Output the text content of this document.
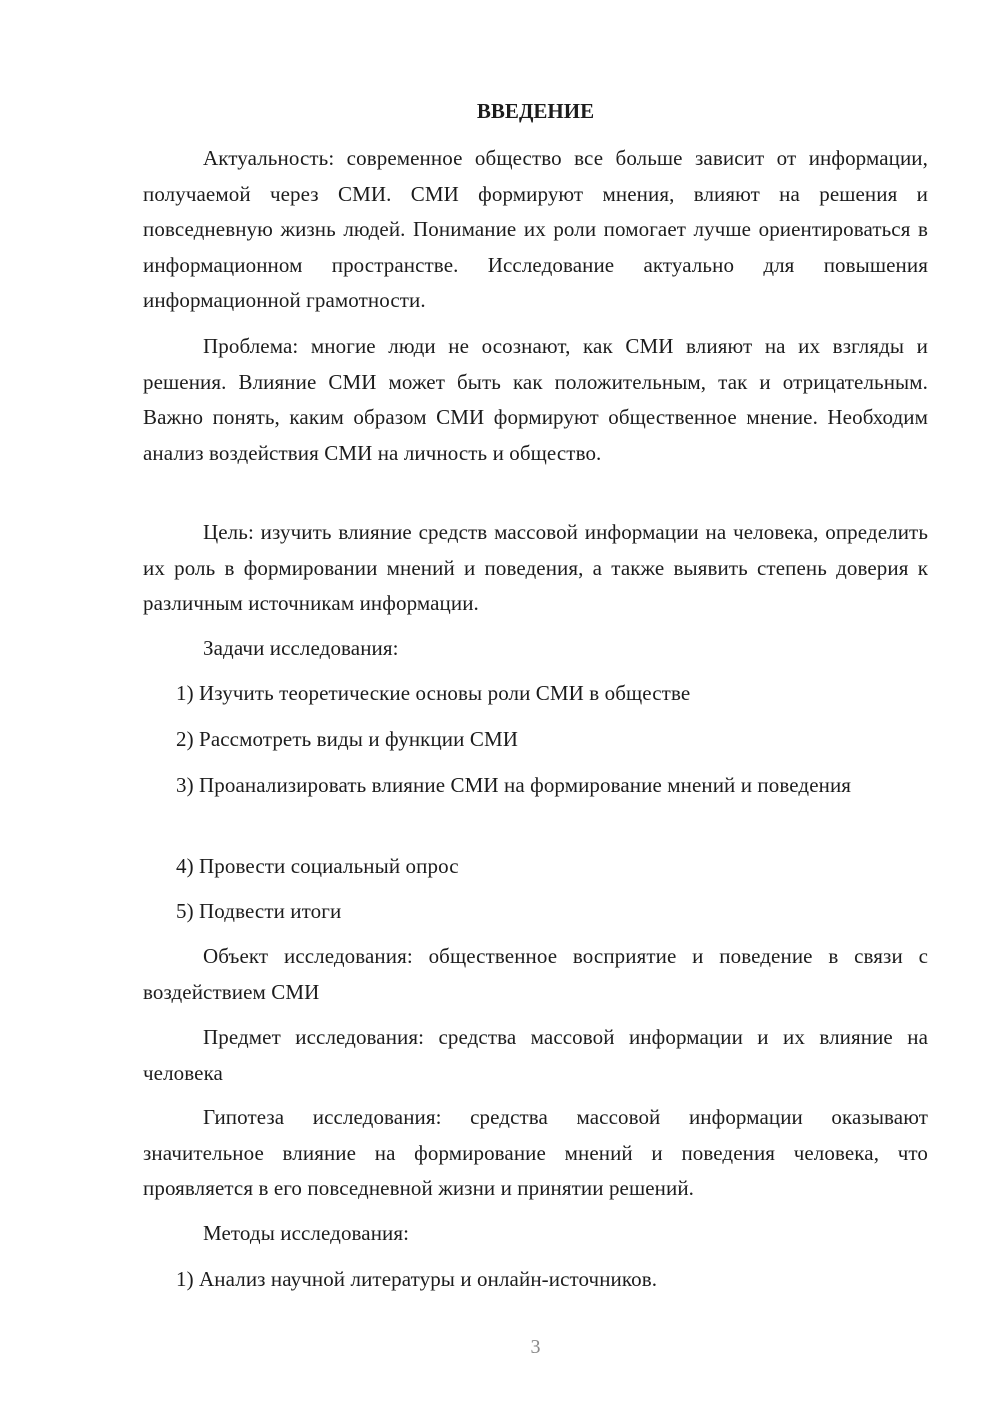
ВВЕДЕНИЕ

Актуальность: современное общество все больше зависит от информации, получаемой через СМИ. СМИ формируют мнения, влияют на решения и повседневную жизнь людей. Понимание их роли помогает лучше ориентироваться в информационном пространстве. Исследование актуально для повышения информационной грамотности.

Проблема: многие люди не осознают, как СМИ влияют на их взгляды и решения. Влияние СМИ может быть как положительным, так и отрицательным. Важно понять, каким образом СМИ формируют общественное мнение. Необходим анализ воздействия СМИ на личность и общество.

Цель: изучить влияние средств массовой информации на человека, определить их роль в формировании мнений и поведения, а также выявить степень доверия к различным источникам информации.

Задачи исследования:

1) Изучить теоретические основы роли СМИ в обществе

2) Рассмотреть виды и функции СМИ

3) Проанализировать влияние СМИ на формирование мнений и поведения

4) Провести социальный опрос

5) Подвести итоги

Объект исследования: общественное восприятие и поведение в связи с воздействием СМИ

Предмет исследования: средства массовой информации и их влияние на человека

Гипотеза исследования: средства массовой информации оказывают значительное влияние на формирование мнений и поведения человека, что проявляется в его повседневной жизни и принятии решений.

Методы исследования:

1) Анализ научной литературы и онлайн-источников.

3
